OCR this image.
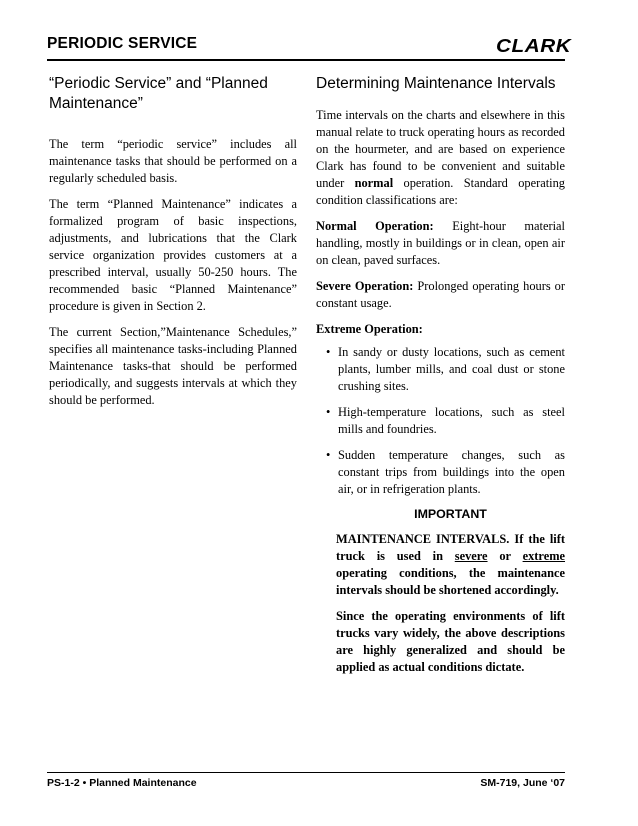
PERIODIC SERVICE	CLARK
“Periodic Service” and “Planned Maintenance”

The term “periodic service” includes all maintenance tasks that should be performed on a regularly scheduled basis.

The term “Planned Maintenance” indicates a formalized program of basic inspections, adjustments, and lubrications that the Clark service organization provides customers at a prescribed interval, usually 50-250 hours. The recommended basic “Planned Maintenance” procedure is given in Section 2.

The current Section,”Maintenance Schedules,” specifies all maintenance tasks-including Planned Maintenance tasks-that should be performed periodically, and suggests intervals at which they should be performed.

Determining Maintenance Intervals

Time intervals on the charts and elsewhere in this manual relate to truck operating hours as recorded on the hourmeter, and are based on experience Clark has found to be convenient and suitable under normal operation. Standard operating condition classifications are:

Normal Operation: Eight-hour material handling, mostly in buildings or in clean, open air on clean, paved surfaces.

Severe Operation: Prolonged operating hours or constant usage.

Extreme Operation:

• In sandy or dusty locations, such as cement plants, lumber mills, and coal dust or stone crushing sites.
• High-temperature locations, such as steel mills and foundries.
• Sudden temperature changes, such as constant trips from buildings into the open air, or in refrigeration plants.
IMPORTANT

MAINTENANCE INTERVALS. If the lift truck is used in severe or extreme operating conditions, the maintenance intervals should be shortened accordingly.

Since the operating environments of lift trucks vary widely, the above descriptions are highly generalized and should be applied as actual conditions dictate.

PS-1-2 • Planned Maintenance	SM-719, June ‘07
